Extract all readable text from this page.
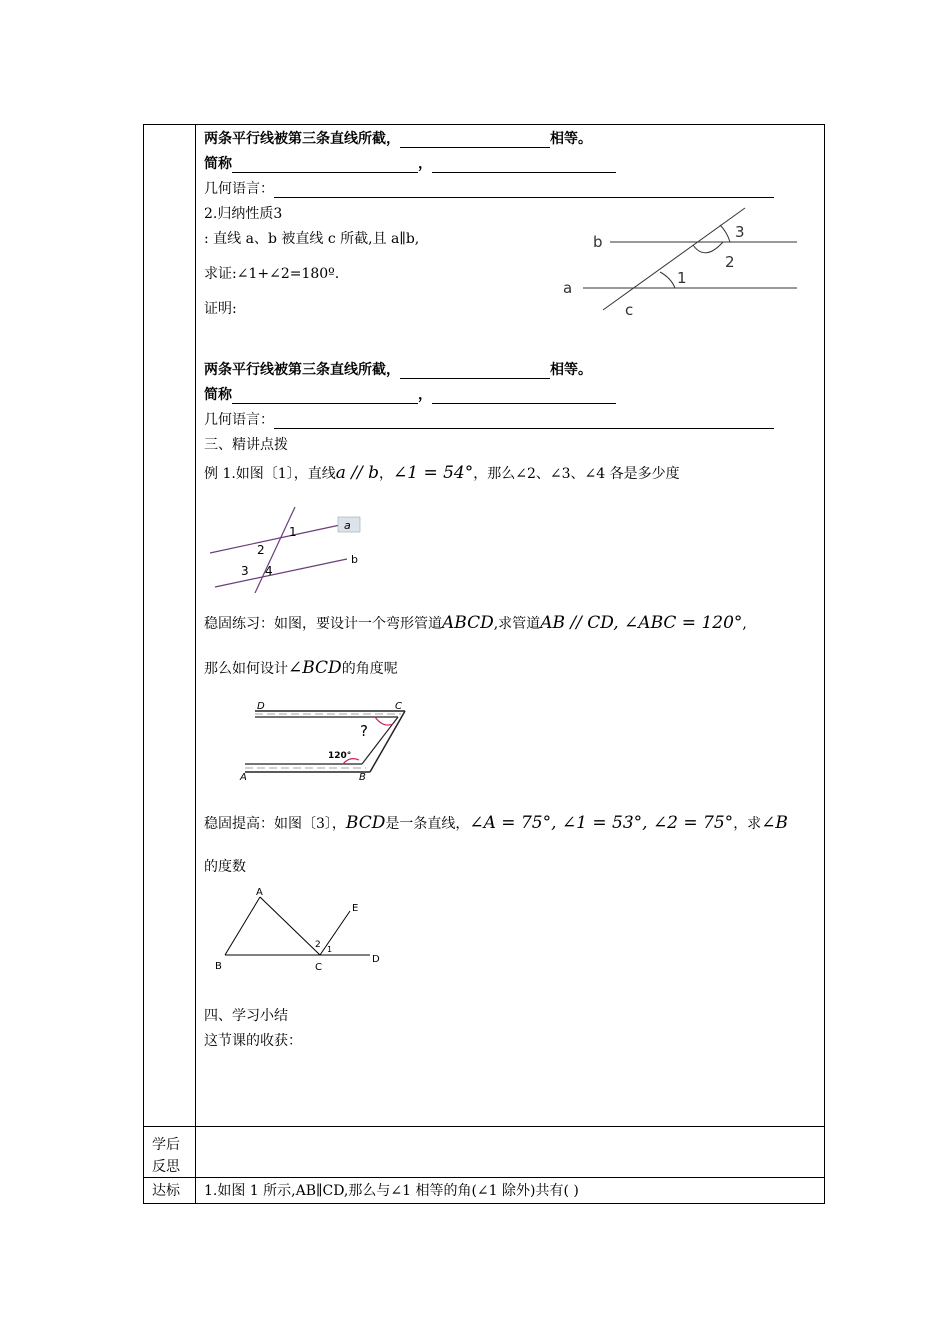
两条平行线被第三条直线所截，	相等。
简称	，
几何语言：
2.归纳性质3
: 直线 a、b 被直线 c 所截,且 a∥b,
求证:∠1+∠2=180º.
证明:
b
a
c
1
2
3
两条平行线被第三条直线所截，	相等。
简称	，
几何语言：
三、精讲点拨
例 1.如图〔1〕，直线a // b，∠1 = 54°，那么∠2、∠3、∠4 各是多少度
a
b
1
2
3 4
稳固练习：如图，要设计一个弯形管道ABCD,求管道AB // CD, ∠ABC = 120°,
那么如何设计∠BCD的角度呢
D	C
A	B
?
120°
稳固提高：如图〔3〕，BCD是一条直线，∠A = 75°, ∠1 = 53°, ∠2 = 75°，求∠B
的度数
A
B	C
D
E
2 1
四、学习小结
这节课的收获：
学后
反思
达标 1.如图 1 所示,AB∥CD,那么与∠1 相等的角(∠1 除外)共有( )
